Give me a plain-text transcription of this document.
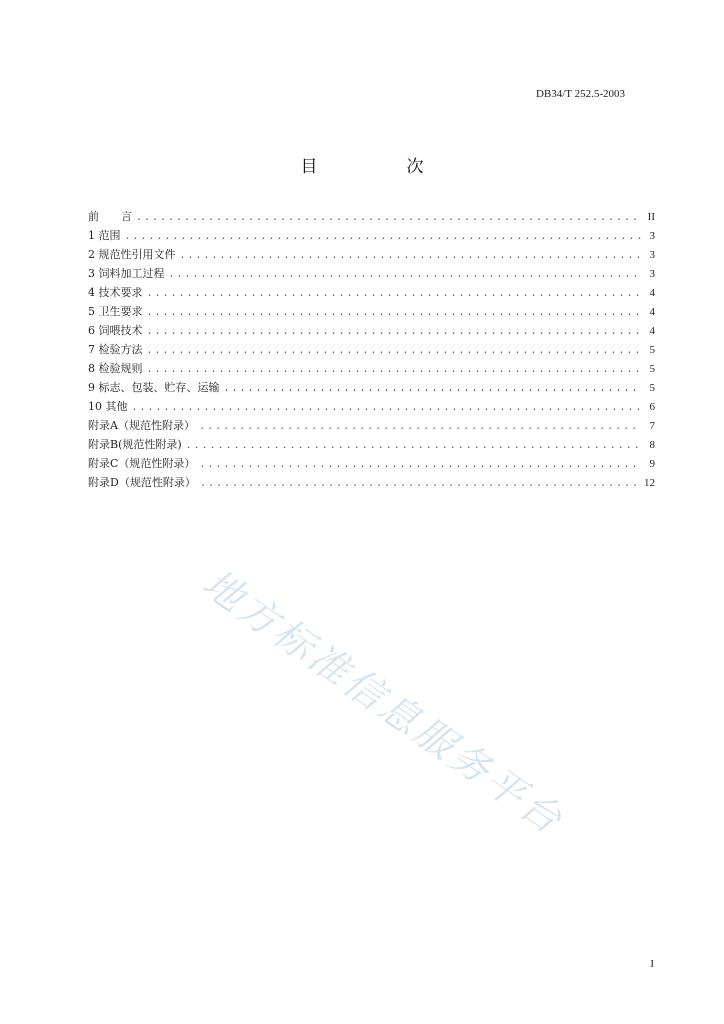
DB34/T 252.5-2003
目　次
前　　言 .....	II
1 范围 .....	3
2 规范性引用文件 .....	3
3 饲料加工过程 .....	3
4 技术要求 .....	4
5 卫生要求 .....	4
6 饲喂技术 .....	4
7 检验方法 .....	5
8 检验规则 .....	5
9 标志、包装、贮存、运输 .....	5
10 其他 .....	6
附录A（规范性附录） .....	7
附录B(规范性附录) .....	8
附录C（规范性附录） .....	9
附录D（规范性附录） .....	12
地方标准信息服务平台
I
